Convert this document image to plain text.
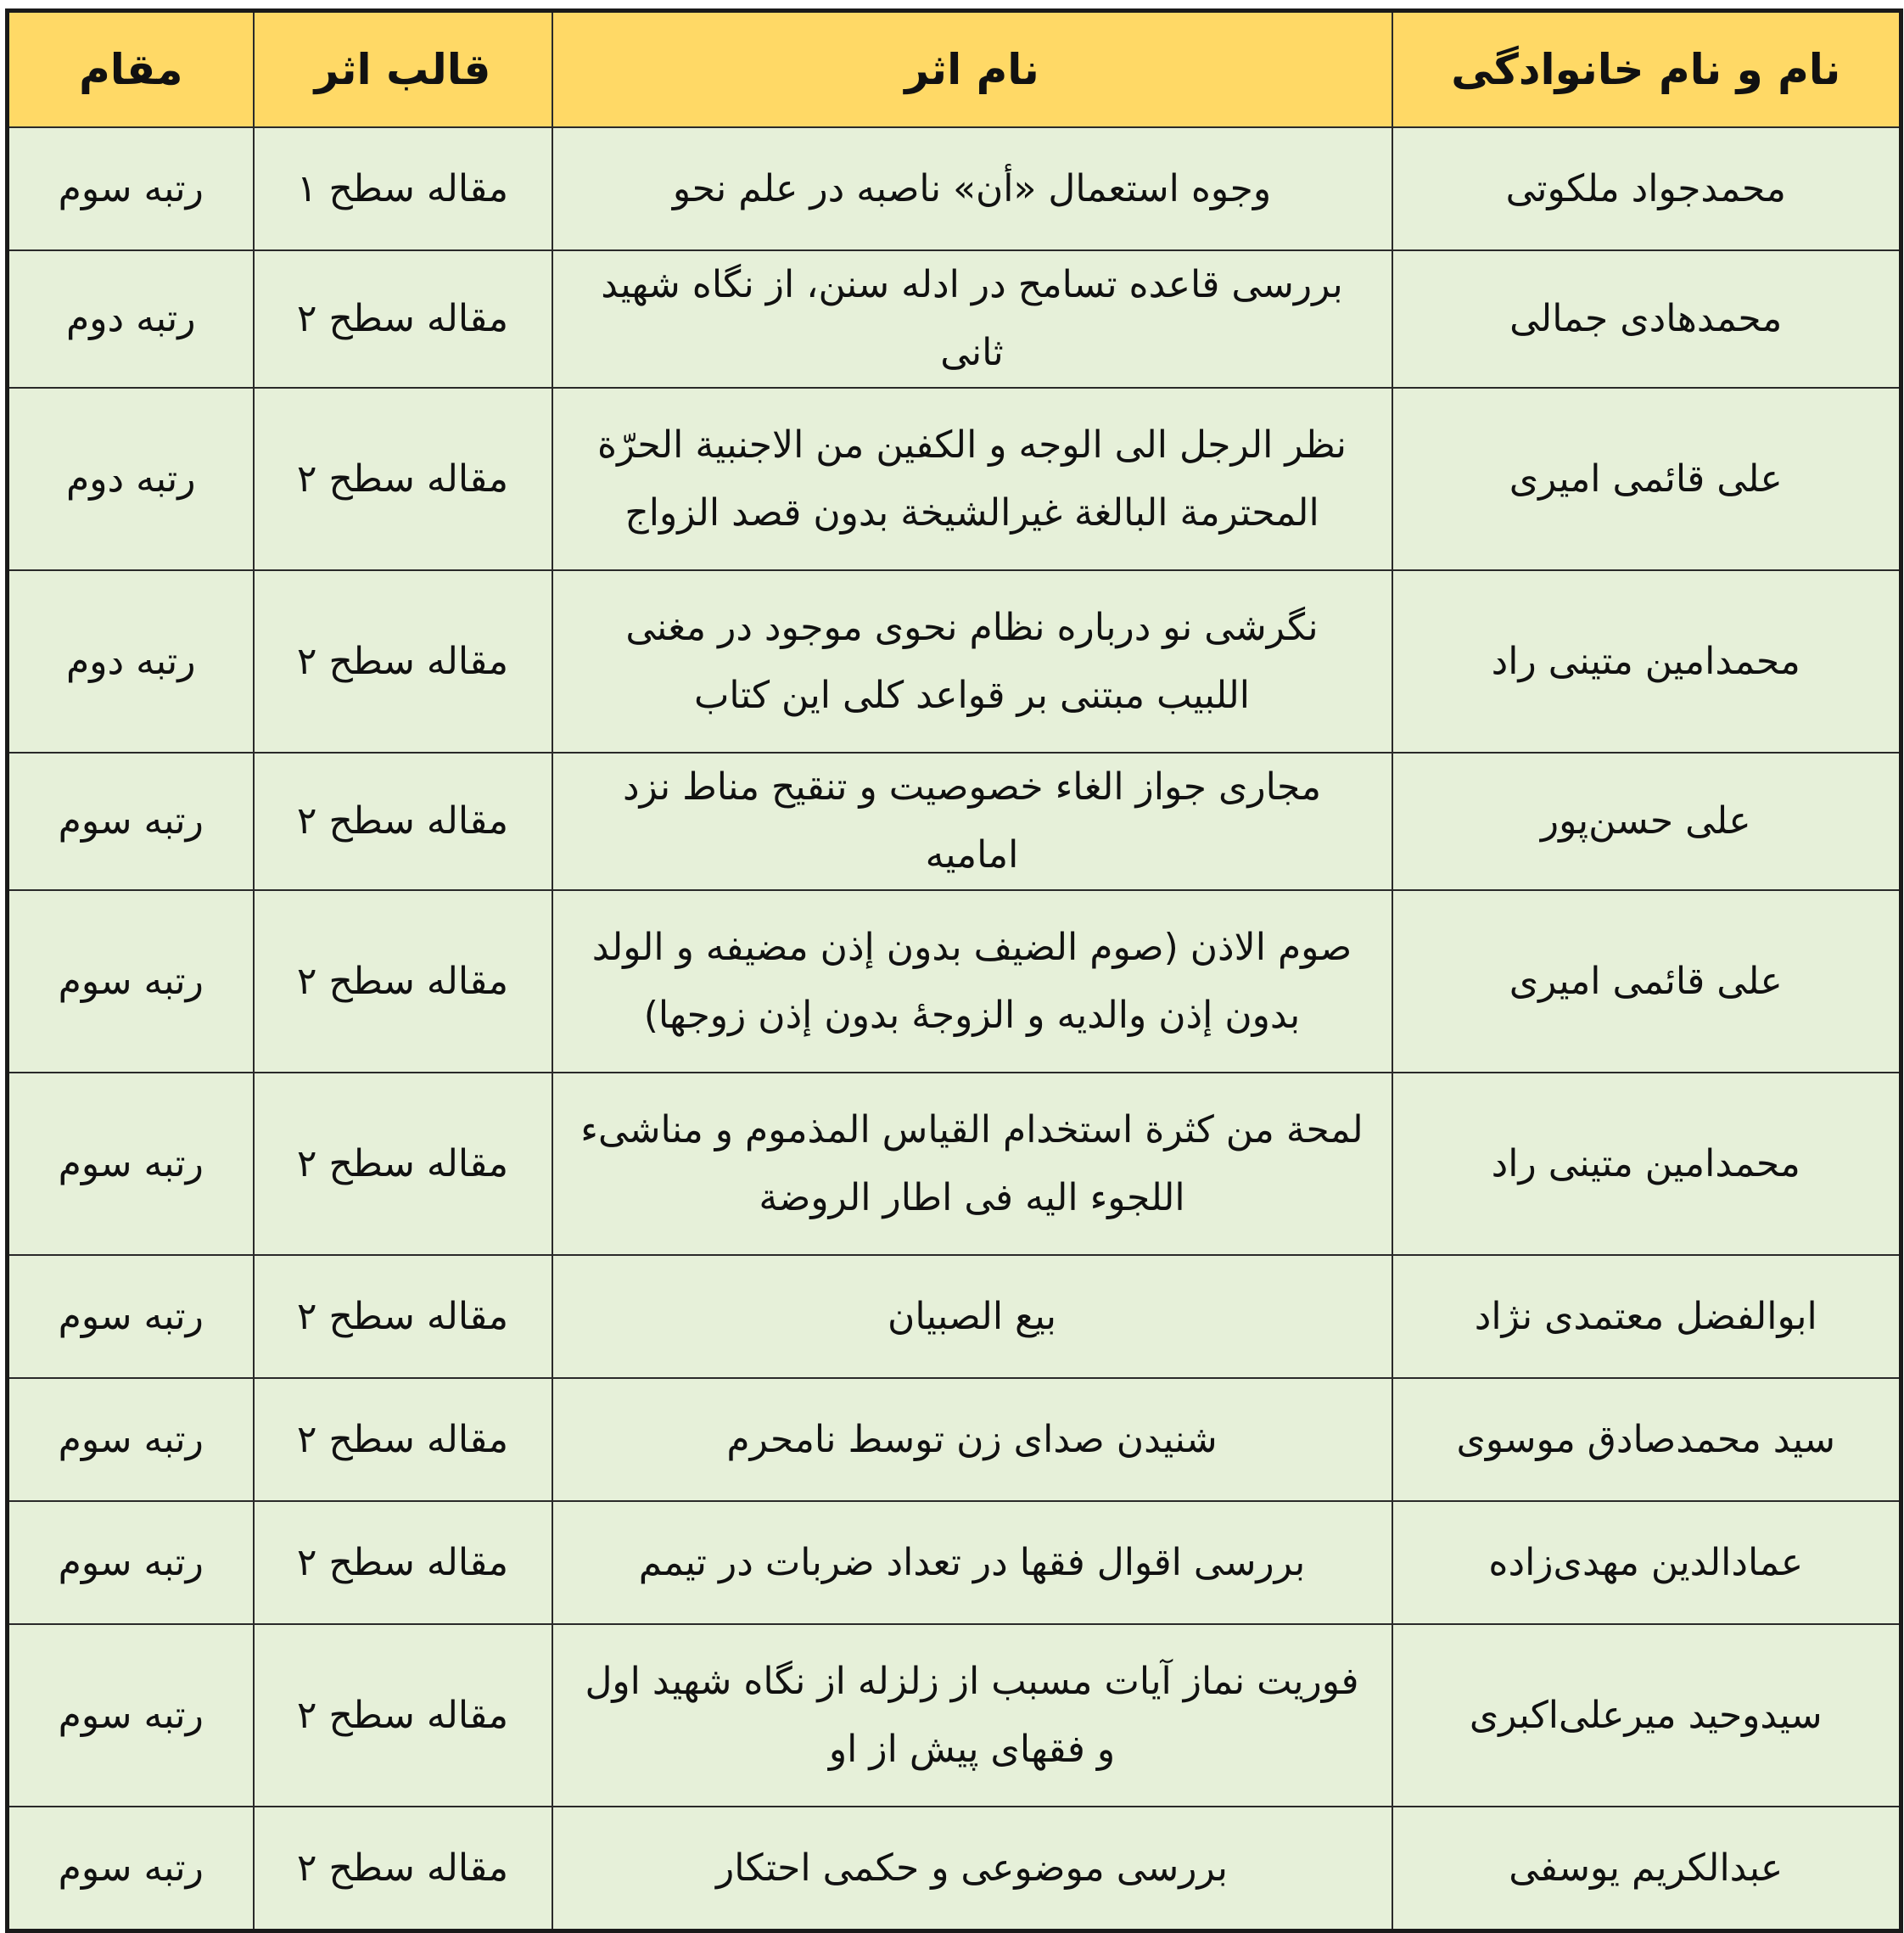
نام و نام خانوادگی	نام اثر	قالب اثر	مقام
محمدجواد ملکوتی	وجوه استعمال «أن» ناصبه در علم نحو	مقاله سطح ۱	رتبه سوم
محمدهادی جمالی	بررسی قاعده تسامح در ادله سنن، از نگاه شهید ثانی	مقاله سطح ۲	رتبه دوم
علی قائمی امیری	نظر الرجل الی الوجه و الکفین من الاجنبیة الحرّة المحترمة البالغة غیرالشیخة بدون قصد الزواج	مقاله سطح ۲	رتبه دوم
محمدامین متینی راد	نگرشی نو درباره نظام نحوی موجود در مغنی اللبیب مبتنی بر قواعد کلی این کتاب	مقاله سطح ۲	رتبه دوم
علی حسن‌پور	مجاری جواز الغاء خصوصیت و تنقیح مناط نزد امامیه	مقاله سطح ۲	رتبه سوم
علی قائمی امیری	صوم الاذن (صوم الضیف بدون إذن مضیفه و الولد بدون إذن والدیه و الزوجهٔ بدون إذن زوجها)	مقاله سطح ۲	رتبه سوم
محمدامین متینی راد	لمحة من کثرة استخدام القیاس المذموم و مناشیء اللجوء الیه فی اطار الروضة	مقاله سطح ۲	رتبه سوم
ابوالفضل معتمدی نژاد	بیع الصبیان	مقاله سطح ۲	رتبه سوم
سید محمدصادق موسوی	شنیدن صدای زن توسط نامحرم	مقاله سطح ۲	رتبه سوم
عمادالدین مهدی‌زاده	بررسی اقوال فقها در تعداد ضربات در تیمم	مقاله سطح ۲	رتبه سوم
سیدوحید میرعلی‌اکبری	فوریت نماز آیات مسبب از زلزله از نگاه شهید اول و فقهای پیش از او	مقاله سطح ۲	رتبه سوم
عبدالکریم یوسفی	بررسی موضوعی و حکمی احتکار	مقاله سطح ۲	رتبه سوم
